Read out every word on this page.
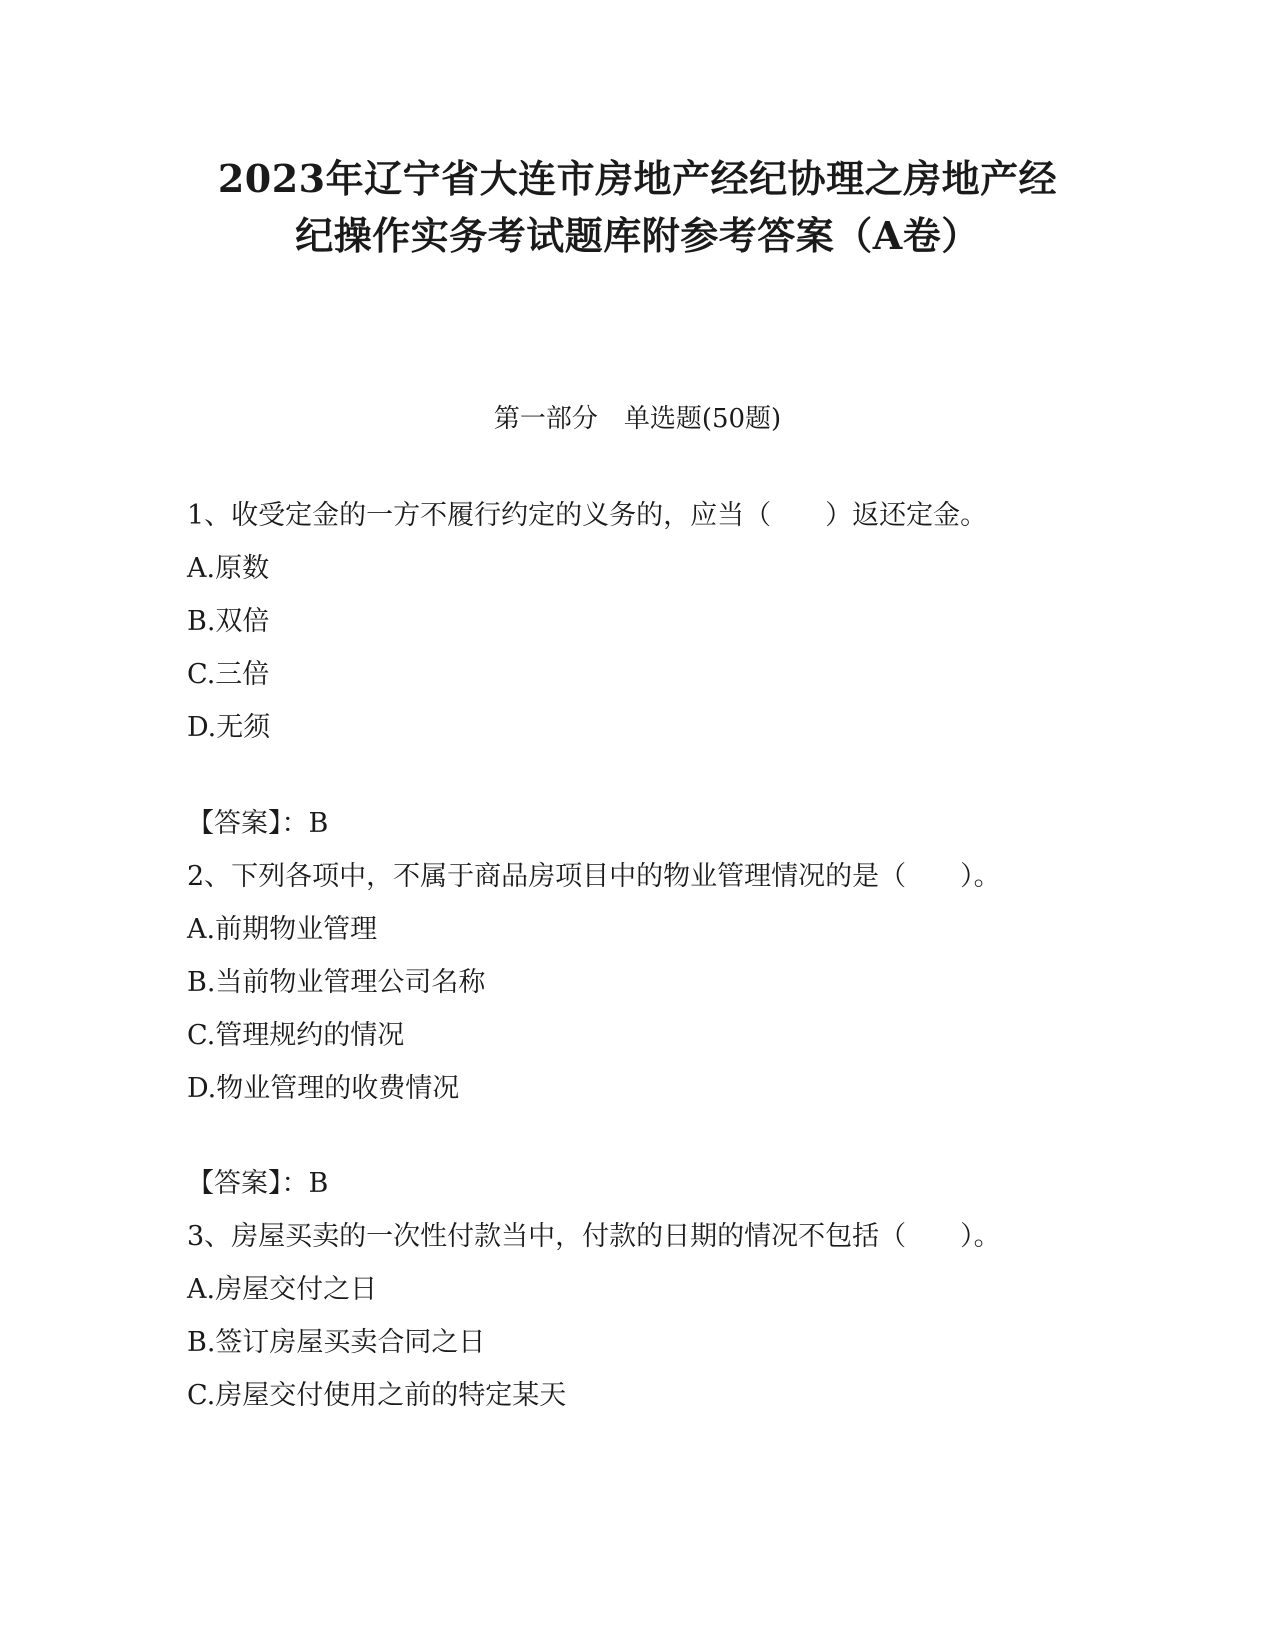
2023年辽宁省大连市房地产经纪协理之房地产经
纪操作实务考试题库附参考答案（A卷）
第一部分　单选题(50题)
1、收受定金的一方不履行约定的义务的，应当（　　）返还定金。
A.原数
B.双倍
C.三倍
D.无须
【答案】：B
2、下列各项中，不属于商品房项目中的物业管理情况的是（　　）。
A.前期物业管理
B.当前物业管理公司名称
C.管理规约的情况
D.物业管理的收费情况
【答案】：B
3、房屋买卖的一次性付款当中，付款的日期的情况不包括（　　）。
A.房屋交付之日
B.签订房屋买卖合同之日
C.房屋交付使用之前的特定某天
